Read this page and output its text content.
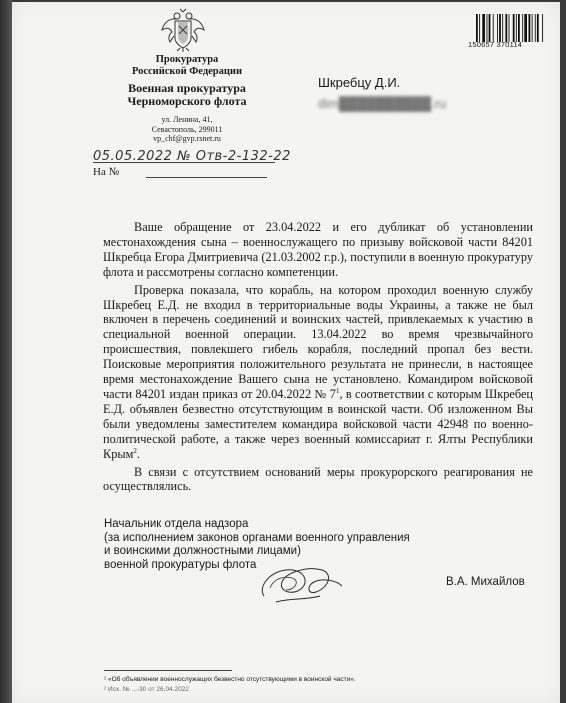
Прокуратура
Российской Федерации
Военная прокуратура
Черноморского флота
ул. Ленина, 41,
Севастополь, 299011
vp_chf@gvp.rsnet.ru
05.05.2022 № Отв-2-132-22
На №
Шкребцу Д.И.
dim██████████.ru
150657 370114

Ваше обращение от 23.04.2022 и его дубликат об установлении местонахождения сына – военнослужащего по призыву войсковой части 84201 Шкребца Егора Дмитриевича (21.03.2002 г.р.), поступили в военную прокуратуру флота и рассмотрены согласно компетенции.

Проверка показала, что корабль, на котором проходил военную службу Шкребец Е.Д. не входил в территориальные воды Украины, а также не был включен в перечень соединений и воинских частей, привлекаемых к участию в специальной военной операции. 13.04.2022 во время чрезвычайного происшествия, повлекшего гибель корабля, последний пропал без вести. Поисковые мероприятия положительного результата не принесли, в настоящее время местонахождение Вашего сына не установлено. Командиром войсковой части 84201 издан приказ от 20.04.2022 № $7^1$, в соответствии с которым Шкребец Е.Д. объявлен безвестно отсутствующим в воинской части. Об изложенном Вы были уведомлены заместителем командира войсковой части 42948 по военно-политической работе, а также через военный комиссариат г. Ялты Республики Крым$^2$.

В связи с отсутствием оснований меры прокурорского реагирования не осуществлялись.

Начальник отдела надзора
(за исполнением законов органами военного управления
и воинскими должностными лицами)
военной прокуратуры флота
В.А. Михайлов
¹ «Об объявлении военнослужащих безвестно отсутствующими в воинской части».
² Исх. № ...-30 от 26.04.2022
